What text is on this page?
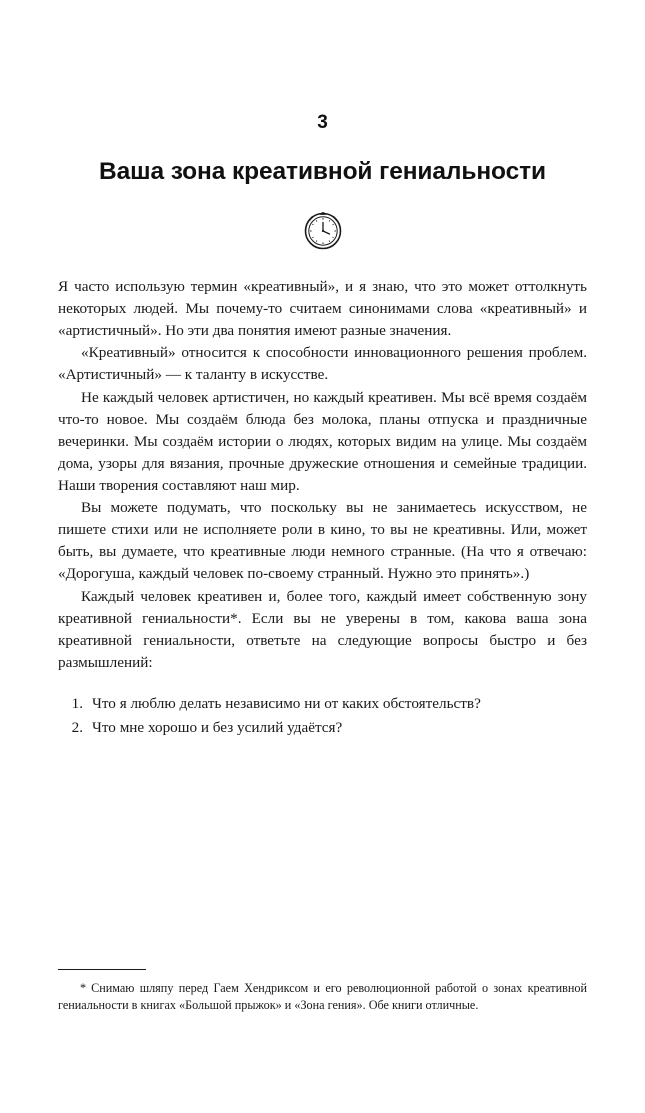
3
Ваша зона креативной гениальности

Я часто использую термин «креативный», и я знаю, что это может оттолкнуть некоторых людей. Мы почему-то считаем синонимами слова «креативный» и «артистичный». Но эти два понятия имеют разные значения.

«Креативный» относится к способности инновационного решения проблем. «Артистичный» — к таланту в искусстве.

Не каждый человек артистичен, но каждый креативен. Мы всё время создаём что-то новое. Мы создаём блюда без молока, планы отпуска и праздничные вечеринки. Мы создаём истории о людях, которых видим на улице. Мы создаём дома, узоры для вязания, прочные дружеские отношения и семейные традиции. Наши творения составляют наш мир.

Вы можете подумать, что поскольку вы не занимаетесь искусством, не пишете стихи или не исполняете роли в кино, то вы не креативны. Или, может быть, вы думаете, что креативные люди немного странные. (На что я отвечаю: «Дорогуша, каждый человек по-своему странный. Нужно это принять».)

Каждый человек креативен и, более того, каждый имеет собственную зону креативной гениальности*. Если вы не уверены в том, какова ваша зона креативной гениальности, ответьте на следующие вопросы быстро и без размышлений:

1. Что я люблю делать независимо ни от каких обстоятельств?
2. Что мне хорошо и без усилий удаётся?
* Снимаю шляпу перед Гаем Хендриксом и его революционной работой о зонах креативной гениальности в книгах «Большой прыжок» и «Зона гения». Обе книги отличные.
